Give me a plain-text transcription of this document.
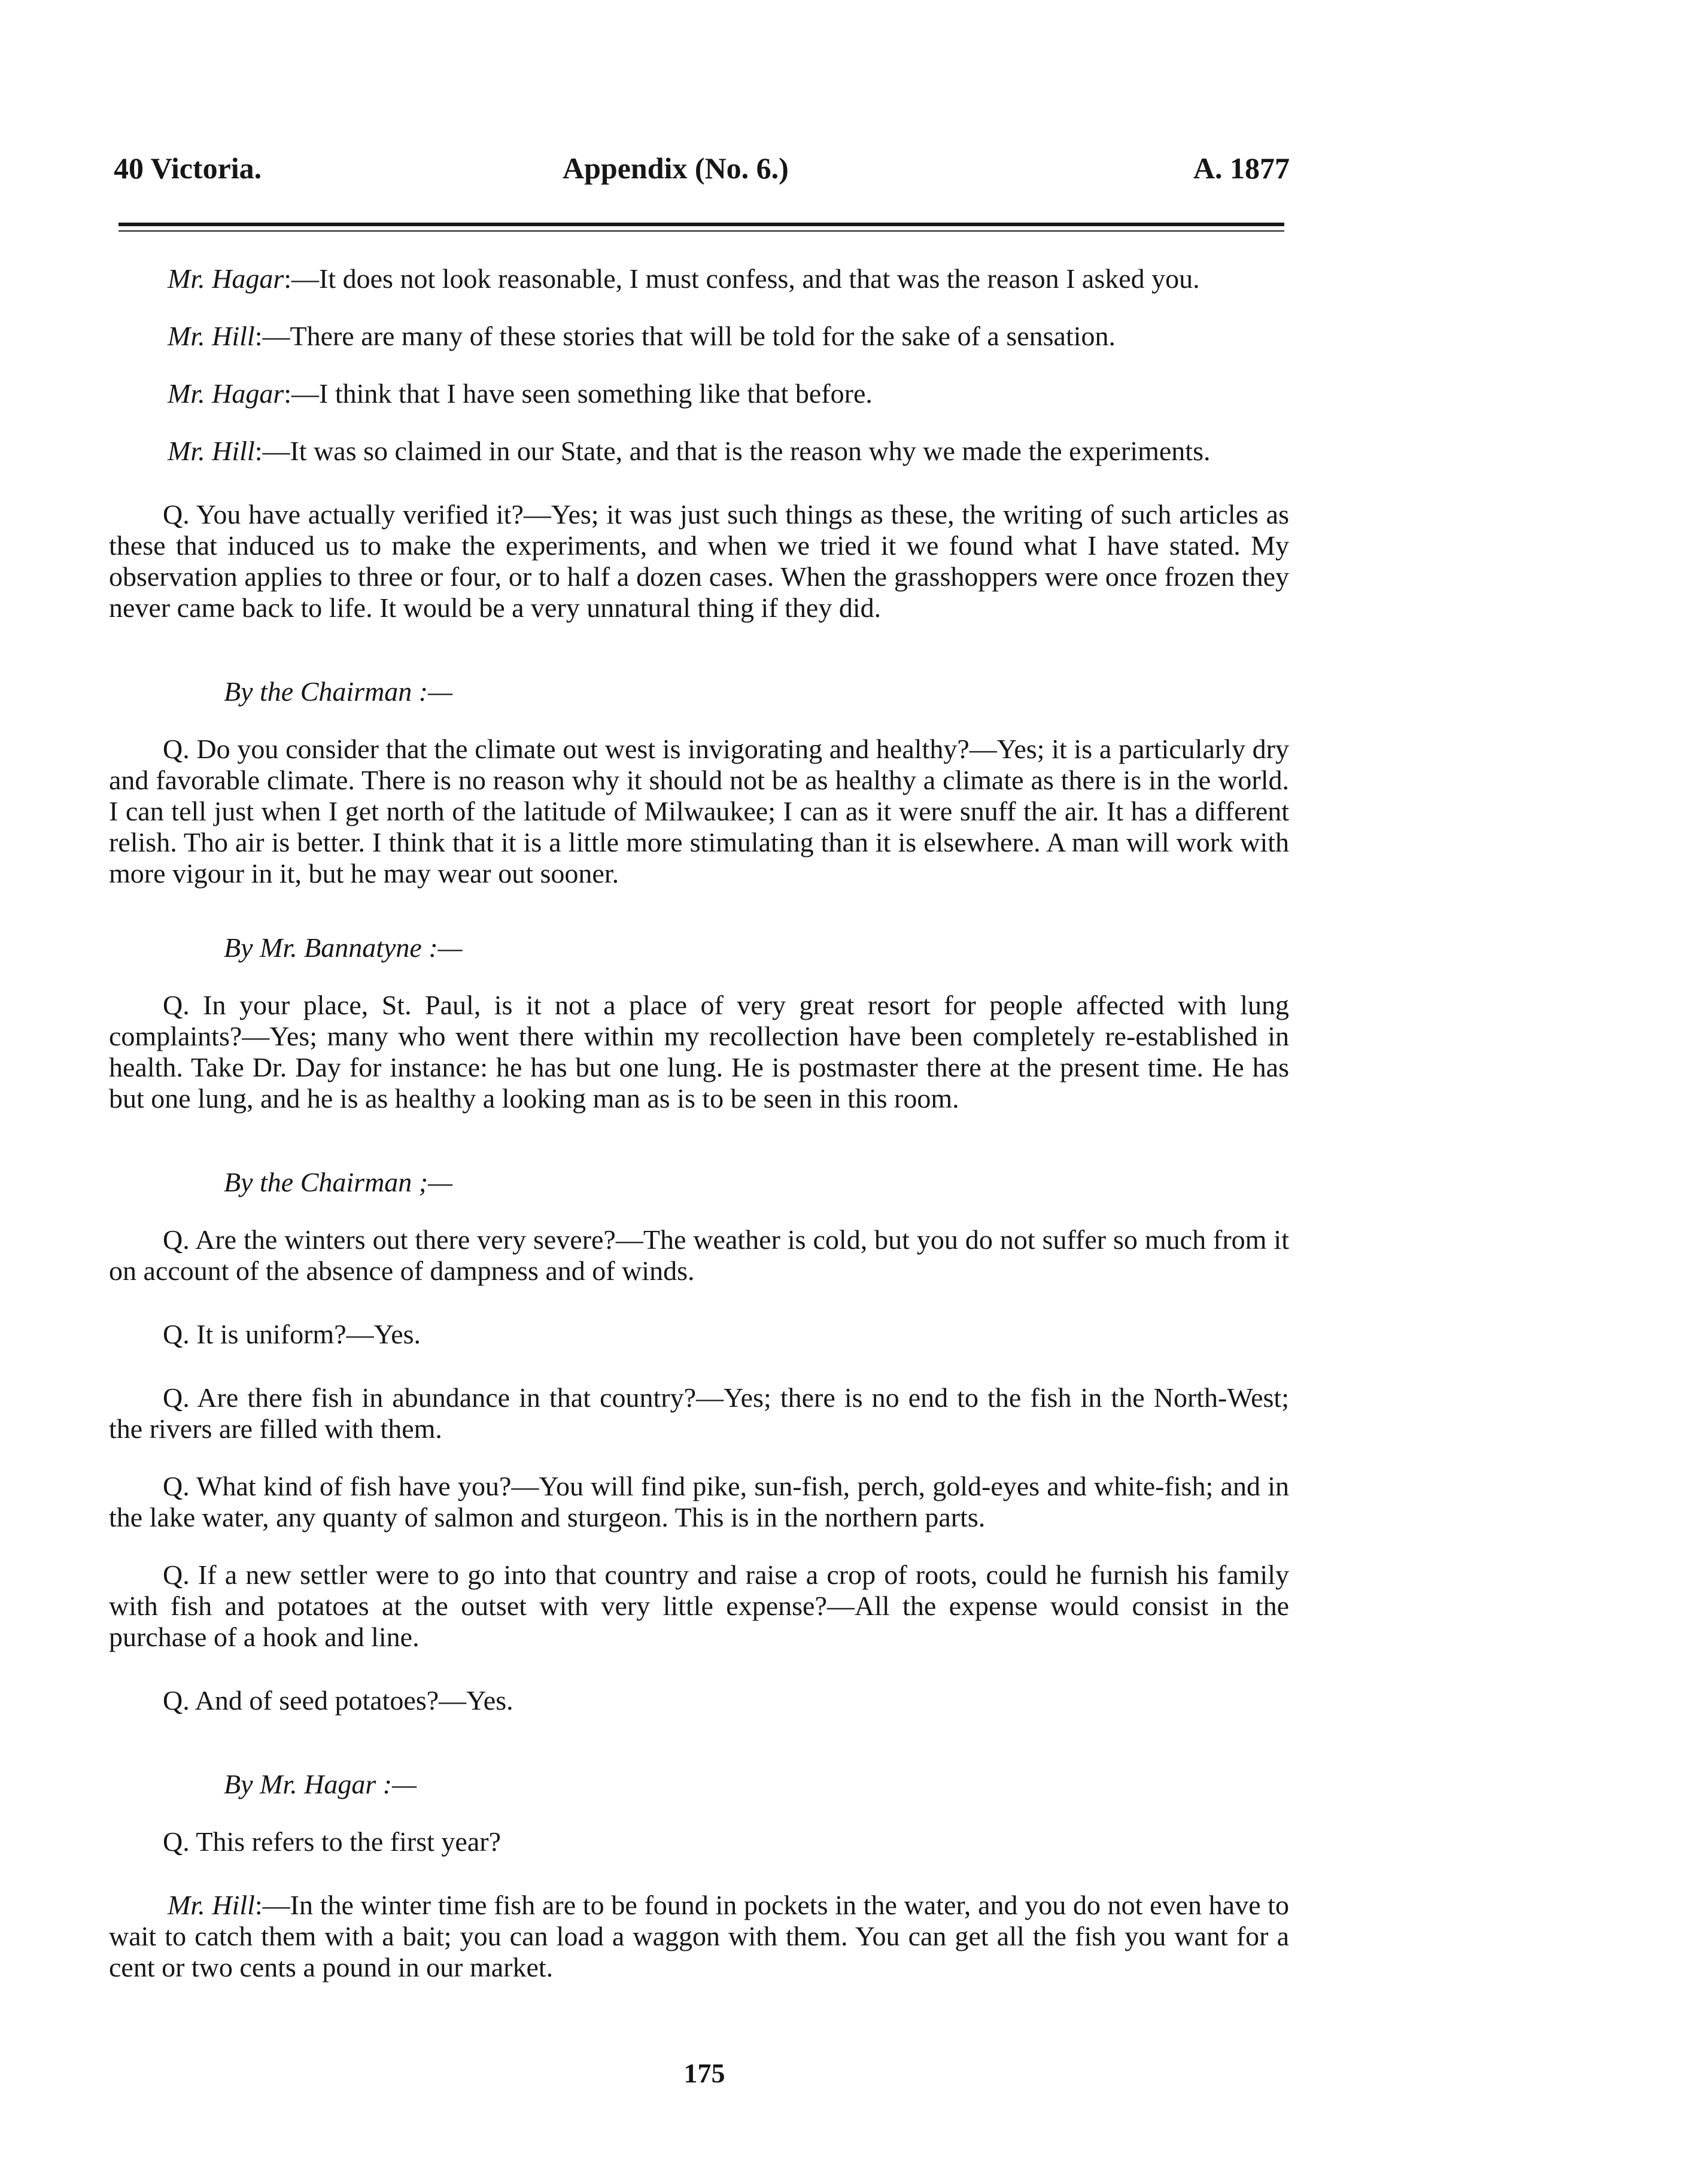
40 Victoria.	Appendix (No. 6.)	A. 1877

Mr. Hagar:—It does not look reasonable, I must confess, and that was the reason I asked you.

Mr. Hill:—There are many of these stories that will be told for the sake of a sensation.

Mr. Hagar:—I think that I have seen something like that before.

Mr. Hill:—It was so claimed in our State, and that is the reason why we made the experiments.

Q. You have actually verified it?—Yes; it was just such things as these, the writing of such articles as these that induced us to make the experiments, and when we tried it we found what I have stated. My observation applies to three or four, or to half a dozen cases. When the grasshoppers were once frozen they never came back to life. It would be a very unnatural thing if they did.

By the Chairman :—

Q. Do you consider that the climate out west is invigorating and healthy?—Yes; it is a particularly dry and favorable climate. There is no reason why it should not be as healthy a climate as there is in the world. I can tell just when I get north of the latitude of Milwaukee; I can as it were snuff the air. It has a different relish. Tho air is better. I think that it is a little more stimulating than it is elsewhere. A man will work with more vigour in it, but he may wear out sooner.

By Mr. Bannatyne :—

Q. In your place, St. Paul, is it not a place of very great resort for people affected with lung complaints?—Yes; many who went there within my recollection have been completely re-established in health. Take Dr. Day for instance: he has but one lung. He is postmaster there at the present time. He has but one lung, and he is as healthy a looking man as is to be seen in this room.

By the Chairman ;—

Q. Are the winters out there very severe?—The weather is cold, but you do not suffer so much from it on account of the absence of dampness and of winds.

Q. It is uniform?—Yes.

Q. Are there fish in abundance in that country?—Yes; there is no end to the fish in the North-West; the rivers are filled with them.

Q. What kind of fish have you?—You will find pike, sun-fish, perch, gold-eyes and white-fish; and in the lake water, any quanty of salmon and sturgeon. This is in the northern parts.

Q. If a new settler were to go into that country and raise a crop of roots, could he furnish his family with fish and potatoes at the outset with very little expense?—All the expense would consist in the purchase of a hook and line.

Q. And of seed potatoes?—Yes.

By Mr. Hagar :—

Q. This refers to the first year?

Mr. Hill:—In the winter time fish are to be found in pockets in the water, and you do not even have to wait to catch them with a bait; you can load a waggon with them. You can get all the fish you want for a cent or two cents a pound in our market.

175
